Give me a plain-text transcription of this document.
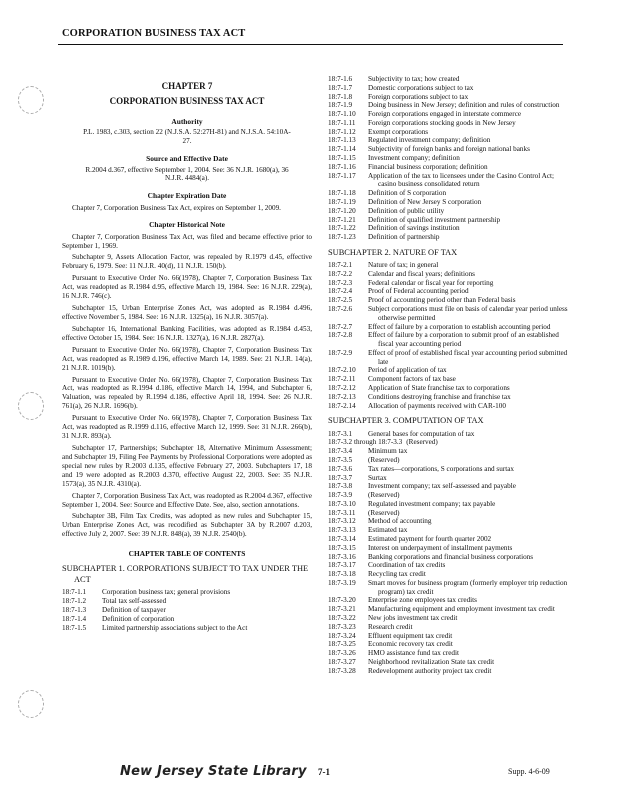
CORPORATION BUSINESS TAX ACT
CHAPTER 7
CORPORATION BUSINESS TAX ACT
Authority
P.L. 1983, c.303, section 22 (N.J.S.A. 52:27H-81) and N.J.S.A. 54:10A-27.
Source and Effective Date
R.2004 d.367, effective September 1, 2004. See: 36 N.J.R. 1680(a), 36 N.J.R. 4484(a).
Chapter Expiration Date
Chapter 7, Corporation Business Tax Act, expires on September 1, 2009.
Chapter Historical Note
Chapter 7, Corporation Business Tax Act, was filed and became effective prior to September 1, 1969.
Subchapter 9, Assets Allocation Factor, was repealed by R.1979 d.45, effective February 6, 1979. See: 11 N.J.R. 40(d), 11 N.J.R. 150(b).
Pursuant to Executive Order No. 66(1978), Chapter 7, Corporation Business Tax Act, was readopted as R.1984 d.95, effective March 19, 1984. See: 16 N.J.R. 229(a), 16 N.J.R. 746(c).
Subchapter 15, Urban Enterprise Zones Act, was adopted as R.1984 d.496, effective November 5, 1984. See: 16 N.J.R. 1325(a), 16 N.J.R. 3057(a).
Subchapter 16, International Banking Facilities, was adopted as R.1984 d.453, effective October 15, 1984. See: 16 N.J.R. 1327(a), 16 N.J.R. 2827(a).
Pursuant to Executive Order No. 66(1978), Chapter 7, Corporation Business Tax Act, was readopted as R.1989 d.196, effective March 14, 1989. See: 21 N.J.R. 14(a), 21 N.J.R. 1019(b).
Pursuant to Executive Order No. 66(1978), Chapter 7, Corporation Business Tax Act, was readopted as R.1994 d.186, effective March 14, 1994, and Subchapter 6, Valuation, was repealed by R.1994 d.186, effective April 18, 1994. See: 26 N.J.R. 761(a), 26 N.J.R. 1696(b).
Pursuant to Executive Order No. 66(1978), Chapter 7, Corporation Business Tax Act, was readopted as R.1999 d.116, effective March 12, 1999. See: 31 N.J.R. 266(b), 31 N.J.R. 893(a).
Subchapter 17, Partnerships; Subchapter 18, Alternative Minimum Assessment; and Subchapter 19, Filing Fee Payments by Professional Corporations were adopted as special new rules by R.2003 d.135, effective February 27, 2003. Subchapters 17, 18 and 19 were adopted as R.2003 d.370, effective August 22, 2003. See: 35 N.J.R. 1573(a), 35 N.J.R. 4310(a).
Chapter 7, Corporation Business Tax Act, was readopted as R.2004 d.367, effective September 1, 2004. See: Source and Effective Date. See, also, section annotations.
Subchapter 3B, Film Tax Credits, was adopted as new rules and Subchapter 15, Urban Enterprise Zones Act, was recodified as Subchapter 3A by R.2007 d.203, effective July 2, 2007. See: 39 N.J.R. 848(a), 39 N.J.R. 2540(b).
CHAPTER TABLE OF CONTENTS
SUBCHAPTER 1. CORPORATIONS SUBJECT TO TAX UNDER THE ACT
18:7-1.1	Corporation business tax; general provisions
18:7-1.2	Total tax self-assessed
18:7-1.3	Definition of taxpayer
18:7-1.4	Definition of corporation
18:7-1.5	Limited partnership associations subject to the Act
18:7-1.6	Subjectivity to tax; how created
18:7-1.7	Domestic corporations subject to tax
18:7-1.8	Foreign corporations subject to tax
18:7-1.9	Doing business in New Jersey; definition and rules of construction
18:7-1.10	Foreign corporations engaged in interstate commerce
18:7-1.11	Foreign corporations stocking goods in New Jersey
18:7-1.12	Exempt corporations
18:7-1.13	Regulated investment company; definition
18:7-1.14	Subjectivity of foreign banks and foreign national banks
18:7-1.15	Investment company; definition
18:7-1.16	Financial business corporation; definition
18:7-1.17	Application of the tax to licensees under the Casino Control Act; casino business consolidated return
18:7-1.18	Definition of S corporation
18:7-1.19	Definition of New Jersey S corporation
18:7-1.20	Definition of public utility
18:7-1.21	Definition of qualified investment partnership
18:7-1.22	Definition of savings institution
18:7-1.23	Definition of partnership
SUBCHAPTER 2. NATURE OF TAX
18:7-2.1	Nature of tax; in general
18:7-2.2	Calendar and fiscal years; definitions
18:7-2.3	Federal calendar or fiscal year for reporting
18:7-2.4	Proof of Federal accounting period
18:7-2.5	Proof of accounting period other than Federal basis
18:7-2.6	Subject corporations must file on basis of calendar year period unless otherwise permitted
18:7-2.7	Effect of failure by a corporation to establish accounting period
18:7-2.8	Effect of failure by a corporation to submit proof of an established fiscal year accounting period
18:7-2.9	Effect of proof of established fiscal year accounting period submitted late
18:7-2.10	Period of application of tax
18:7-2.11	Component factors of tax base
18:7-2.12	Application of State franchise tax to corporations
18:7-2.13	Conditions destroying franchise and franchise tax
18:7-2.14	Allocation of payments received with CAR-100
SUBCHAPTER 3. COMPUTATION OF TAX
18:7-3.1	General bases for computation of tax
18:7-3.2 through 18:7-3.3 (Reserved)
18:7-3.4	Minimum tax
18:7-3.5	(Reserved)
18:7-3.6	Tax rates—corporations, S corporations and surtax
18:7-3.7	Surtax
18:7-3.8	Investment company; tax self-assessed and payable
18:7-3.9	(Reserved)
18:7-3.10	Regulated investment company; tax payable
18:7-3.11	(Reserved)
18:7-3.12	Method of accounting
18:7-3.13	Estimated tax
18:7-3.14	Estimated payment for fourth quarter 2002
18:7-3.15	Interest on underpayment of installment payments
18:7-3.16	Banking corporations and financial business corporations
18:7-3.17	Coordination of tax credits
18:7-3.18	Recycling tax credit
18:7-3.19	Smart moves for business program (formerly employer trip reduction program) tax credit
18:7-3.20	Enterprise zone employees tax credits
18:7-3.21	Manufacturing equipment and employment investment tax credit
18:7-3.22	New jobs investment tax credit
18:7-3.23	Research credit
18:7-3.24	Effluent equipment tax credit
18:7-3.25	Economic recovery tax credit
18:7-3.26	HMO assistance fund tax credit
18:7-3.27	Neighborhood revitalization State tax credit
18:7-3.28	Redevelopment authority project tax credit
New Jersey State Library 7-1	Supp. 4-6-09
